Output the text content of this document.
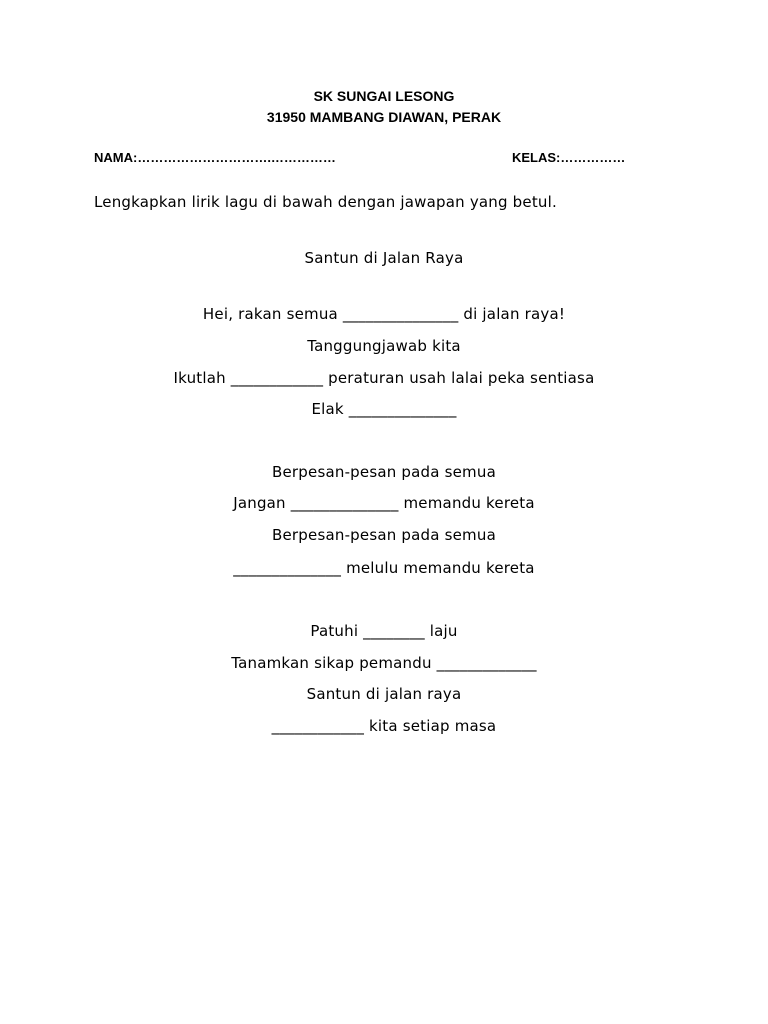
SK SUNGAI LESONG
31950 MAMBANG DIAWAN, PERAK
NAMA:………………………….……………	KELAS:……………
Lengkapkan lirik lagu di bawah dengan jawapan yang betul.
Santun di Jalan Raya
Hei, rakan semua _______________ di jalan raya!
Tanggungjawab kita
Ikutlah ____________ peraturan usah lalai peka sentiasa
Elak ______________
Berpesan-pesan pada semua
Jangan ______________ memandu kereta
Berpesan-pesan pada semua
______________ melulu memandu kereta
Patuhi ________ laju
Tanamkan sikap pemandu _____________
Santun di jalan raya
____________ kita setiap masa
